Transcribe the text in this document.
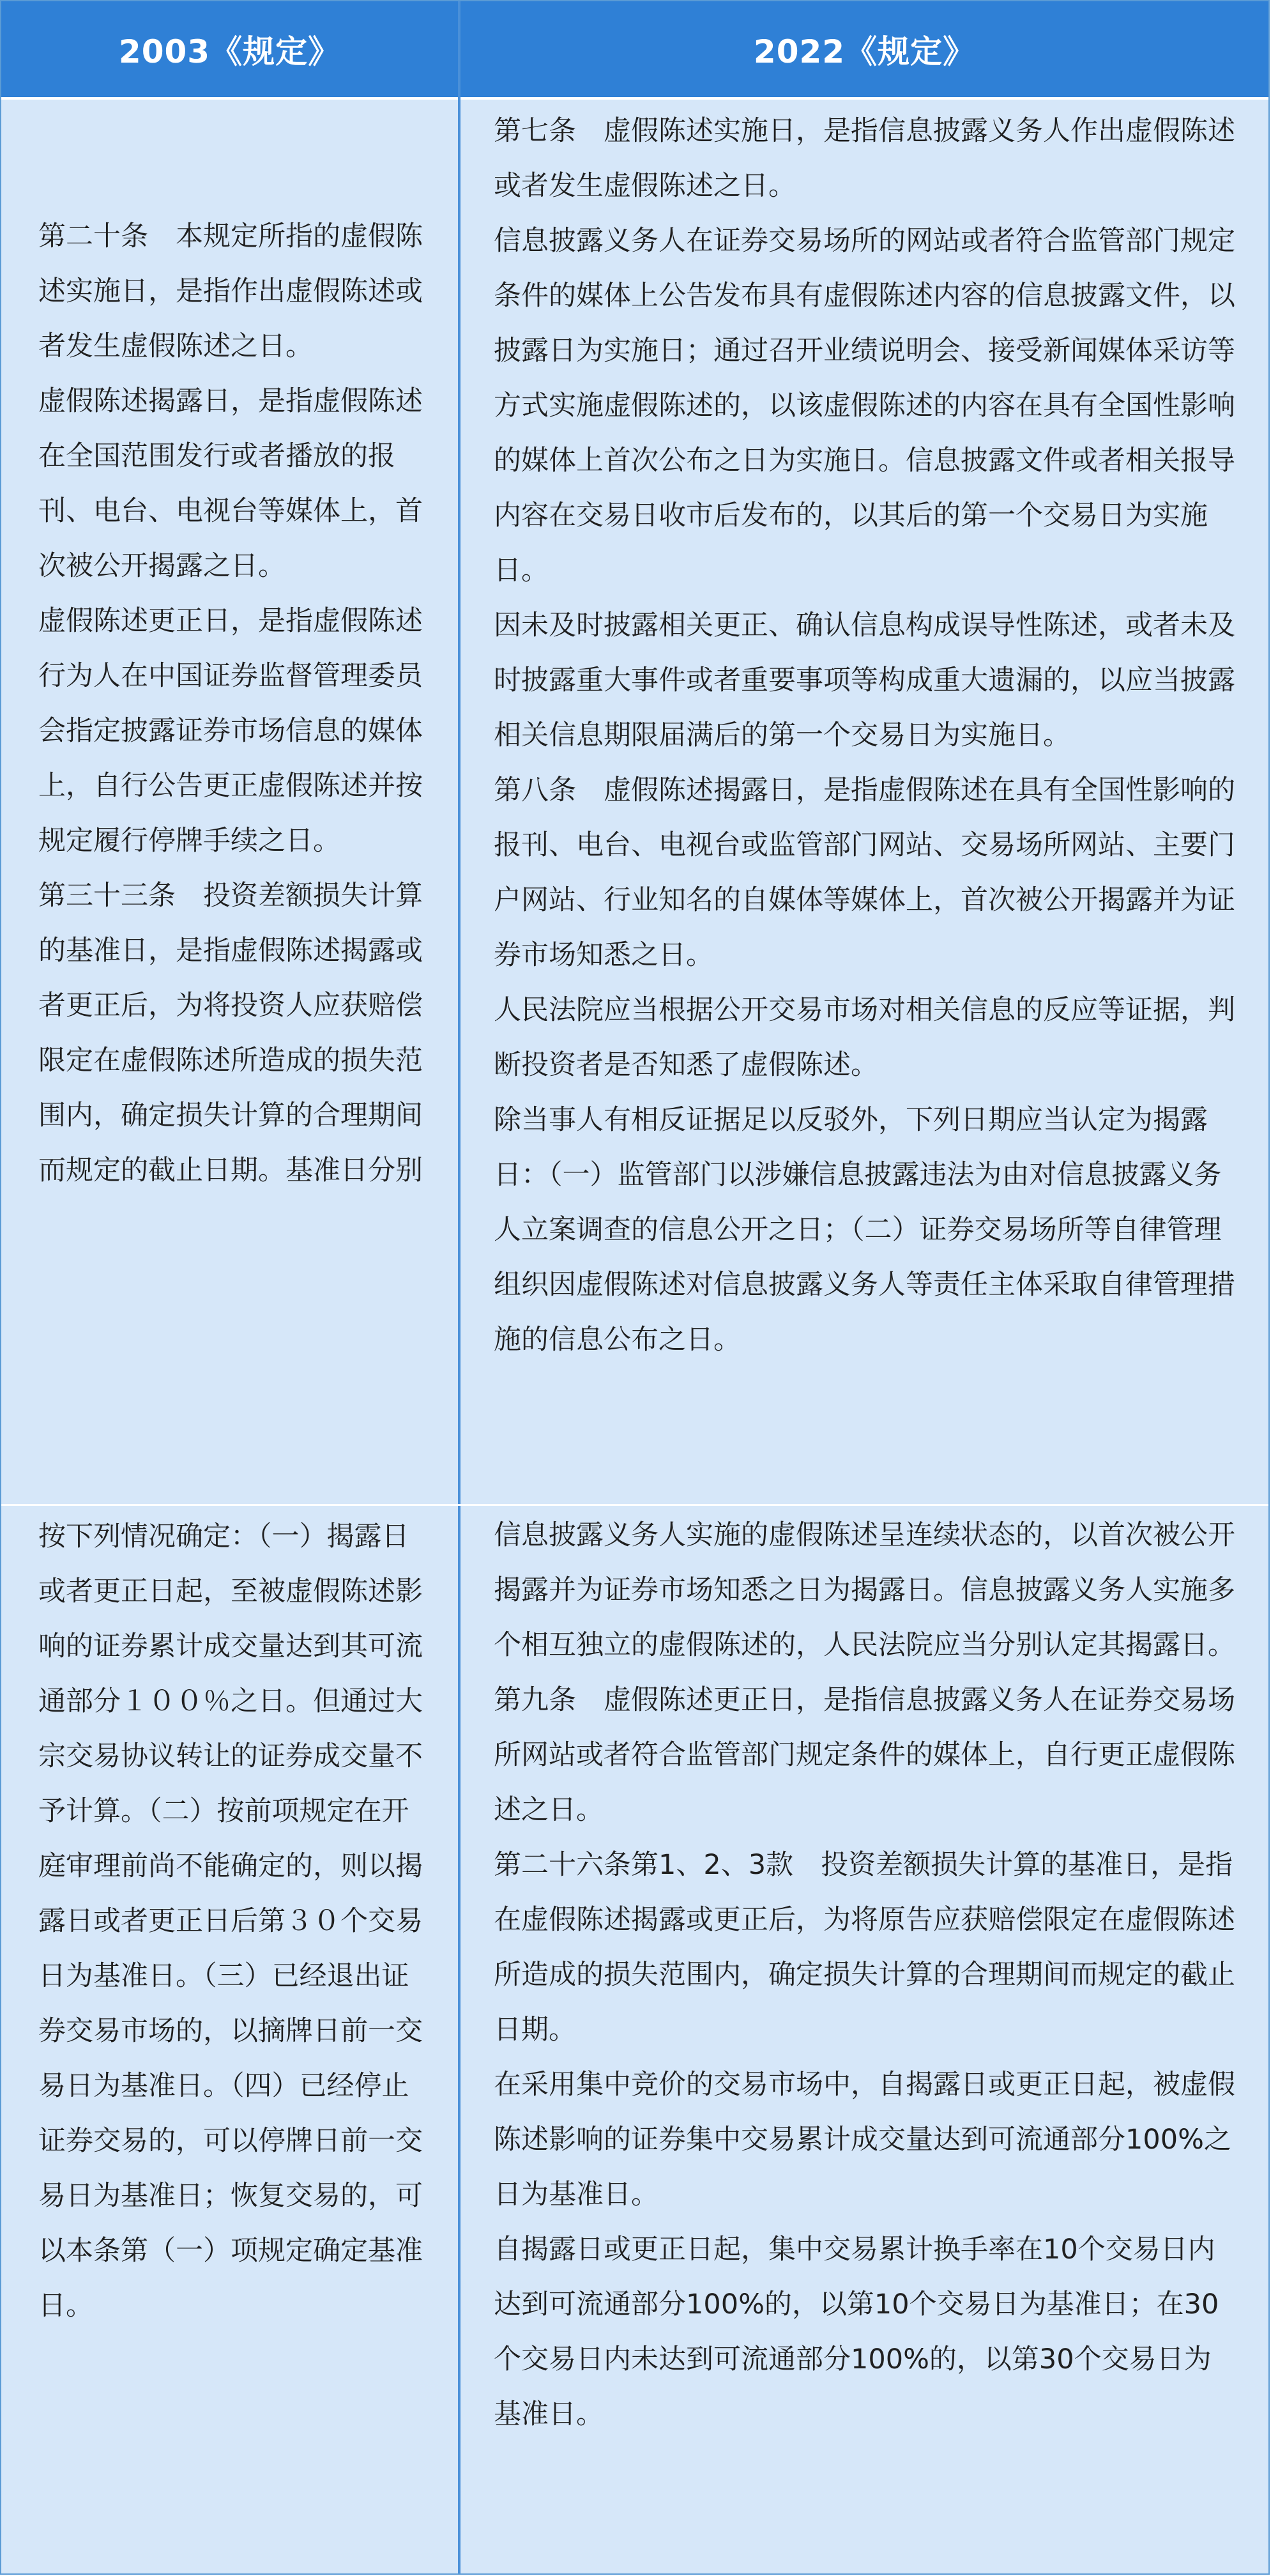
2003《规定》	2022《规定》

第二十条　本规定所指的虚假陈述实施日，是指作出虚假陈述或者发生虚假陈述之日。

虚假陈述揭露日，是指虚假陈述在全国范围发行或者播放的报刊、电台、电视台等媒体上，首次被公开揭露之日。

虚假陈述更正日，是指虚假陈述行为人在中国证券监督管理委员会指定披露证券市场信息的媒体上，自行公告更正虚假陈述并按规定履行停牌手续之日。

第三十三条　投资差额损失计算的基准日，是指虚假陈述揭露或者更正后，为将投资人应获赔偿限定在虚假陈述所造成的损失范围内，确定损失计算的合理期间而规定的截止日期。基准日分别

按下列情况确定：（一）揭露日或者更正日起，至被虚假陈述影响的证券累计成交量达到其可流通部分１００％之日。但通过大宗交易协议转让的证券成交量不予计算。（二）按前项规定在开庭审理前尚不能确定的，则以揭露日或者更正日后第３０个交易日为基准日。（三）已经退出证券交易市场的，以摘牌日前一交易日为基准日。（四）已经停止证券交易的，可以停牌日前一交易日为基准日；恢复交易的，可以本条第（一）项规定确定基准日。

第七条　虚假陈述实施日，是指信息披露义务人作出虚假陈述或者发生虚假陈述之日。

信息披露义务人在证券交易场所的网站或者符合监管部门规定条件的媒体上公告发布具有虚假陈述内容的信息披露文件，以披露日为实施日；通过召开业绩说明会、接受新闻媒体采访等方式实施虚假陈述的，以该虚假陈述的内容在具有全国性影响的媒体上首次公布之日为实施日。信息披露文件或者相关报导内容在交易日收市后发布的，以其后的第一个交易日为实施日。

因未及时披露相关更正、确认信息构成误导性陈述，或者未及时披露重大事件或者重要事项等构成重大遗漏的，以应当披露相关信息期限届满后的第一个交易日为实施日。

第八条　虚假陈述揭露日，是指虚假陈述在具有全国性影响的报刊、电台、电视台或监管部门网站、交易场所网站、主要门户网站、行业知名的自媒体等媒体上，首次被公开揭露并为证券市场知悉之日。

人民法院应当根据公开交易市场对相关信息的反应等证据，判断投资者是否知悉了虚假陈述。

除当事人有相反证据足以反驳外，下列日期应当认定为揭露日：（一）监管部门以涉嫌信息披露违法为由对信息披露义务人立案调查的信息公开之日；（二）证券交易场所等自律管理组织因虚假陈述对信息披露义务人等责任主体采取自律管理措施的信息公布之日。

信息披露义务人实施的虚假陈述呈连续状态的，以首次被公开揭露并为证券市场知悉之日为揭露日。信息披露义务人实施多个相互独立的虚假陈述的，人民法院应当分别认定其揭露日。

第九条　虚假陈述更正日，是指信息披露义务人在证券交易场所网站或者符合监管部门规定条件的媒体上，自行更正虚假陈述之日。

第二十六条第1、2、3款　投资差额损失计算的基准日，是指在虚假陈述揭露或更正后，为将原告应获赔偿限定在虚假陈述所造成的损失范围内，确定损失计算的合理期间而规定的截止日期。

在采用集中竞价的交易市场中，自揭露日或更正日起，被虚假陈述影响的证券集中交易累计成交量达到可流通部分100%之日为基准日。

自揭露日或更正日起，集中交易累计换手率在10个交易日内达到可流通部分100%的，以第10个交易日为基准日；在30个交易日内未达到可流通部分100%的，以第30个交易日为基准日。
